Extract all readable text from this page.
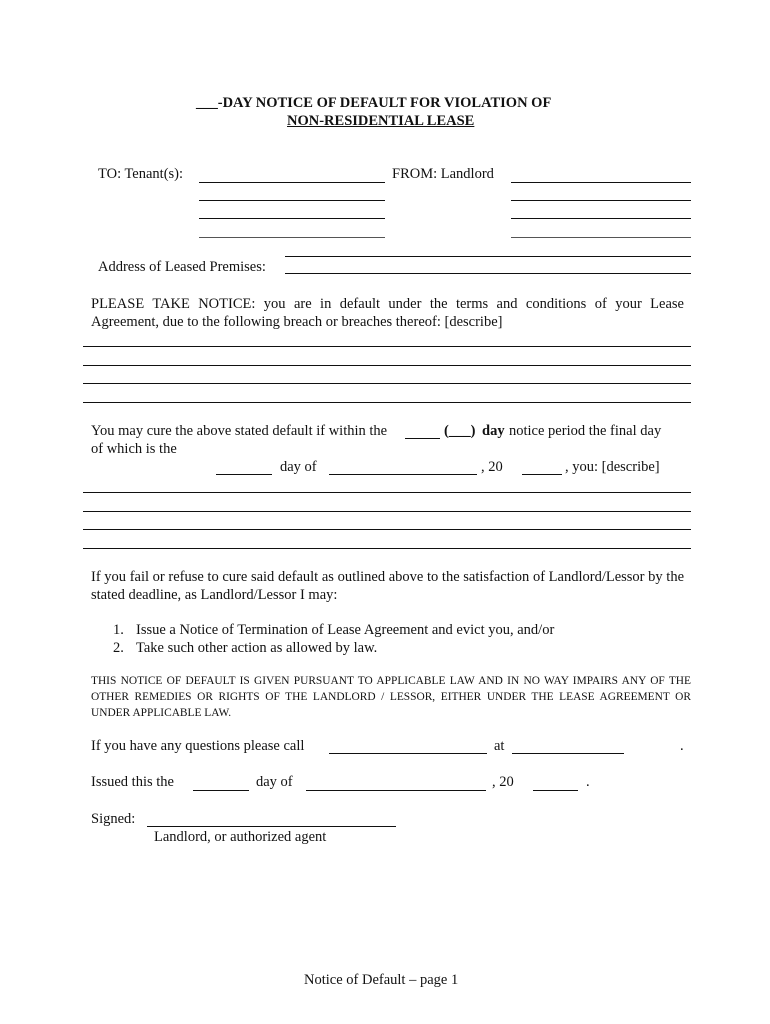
___-DAY NOTICE OF DEFAULT FOR VIOLATION OF
NON-RESIDENTIAL LEASE
TO: Tenant(s):	FROM: Landlord
Address of Leased Premises:
PLEASE TAKE NOTICE: you are in default under the terms and conditions of your Lease Agreement, due to the following breach or breaches thereof: [describe]
You may cure the above stated default if within the	(___) day notice period the final day
of which is the
day of	, 20	, you: [describe]
If you fail or refuse to cure said default as outlined above to the satisfaction of Landlord/Lessor by the stated deadline, as Landlord/Lessor I may:
1. Issue a Notice of Termination of Lease Agreement and evict you, and/or
2. Take such other action as allowed by law.
THIS NOTICE OF DEFAULT IS GIVEN PURSUANT TO APPLICABLE LAW AND IN NO WAY IMPAIRS ANY OF THE OTHER REMEDIES OR RIGHTS OF THE LANDLORD / LESSOR, EITHER UNDER THE LEASE AGREEMENT OR UNDER APPLICABLE LAW.
If you have any questions please call	at	.
Issued this the	day of	, 20	.
Signed:
Landlord, or authorized agent
Notice of Default – page 1
